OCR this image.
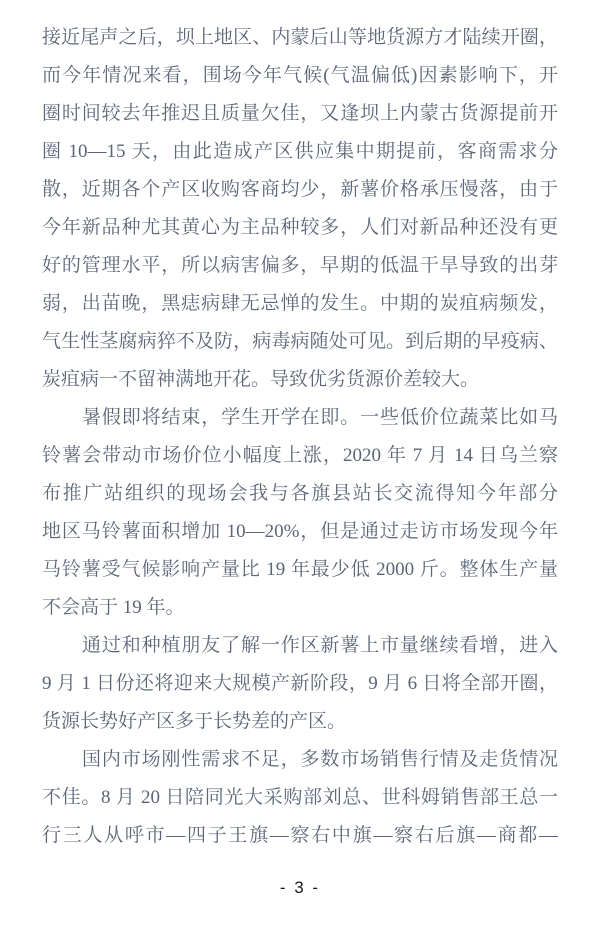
接近尾声之后，坝上地区、内蒙后山等地货源方才陆续开圈，
而今年情况来看，围场今年气候(气温偏低)因素影响下，开
圈时间较去年推迟且质量欠佳，又逢坝上内蒙古货源提前开
圈 10—15 天，由此造成产区供应集中期提前，客商需求分
散，近期各个产区收购客商均少，新薯价格承压慢落，由于
今年新品种尤其黄心为主品种较多，人们对新品种还没有更
好的管理水平，所以病害偏多，早期的低温干旱导致的出芽
弱，出苗晚，黑痣病肆无忌惮的发生。中期的炭疽病频发，
气生性茎腐病猝不及防，病毒病随处可见。到后期的早疫病、
炭疽病一不留神满地开花。导致优劣货源价差较大。
暑假即将结束，学生开学在即。一些低价位蔬菜比如马
铃薯会带动市场价位小幅度上涨，2020 年 7 月 14 日乌兰察
布推广站组织的现场会我与各旗县站长交流得知今年部分
地区马铃薯面积增加 10—20%，但是通过走访市场发现今年
马铃薯受气候影响产量比 19 年最少低 2000 斤。整体生产量
不会高于 19 年。
通过和种植朋友了解一作区新薯上市量继续看增，进入
9 月 1 日份还将迎来大规模产新阶段，9 月 6 日将全部开圈，
货源长势好产区多于长势差的产区。
国内市场刚性需求不足，多数市场销售行情及走货情况
不佳。8 月 20 日陪同光大采购部刘总、世科姆销售部王总一
行三人从呼市—四子王旗—察右中旗—察右后旗—商都—
- 3 -
